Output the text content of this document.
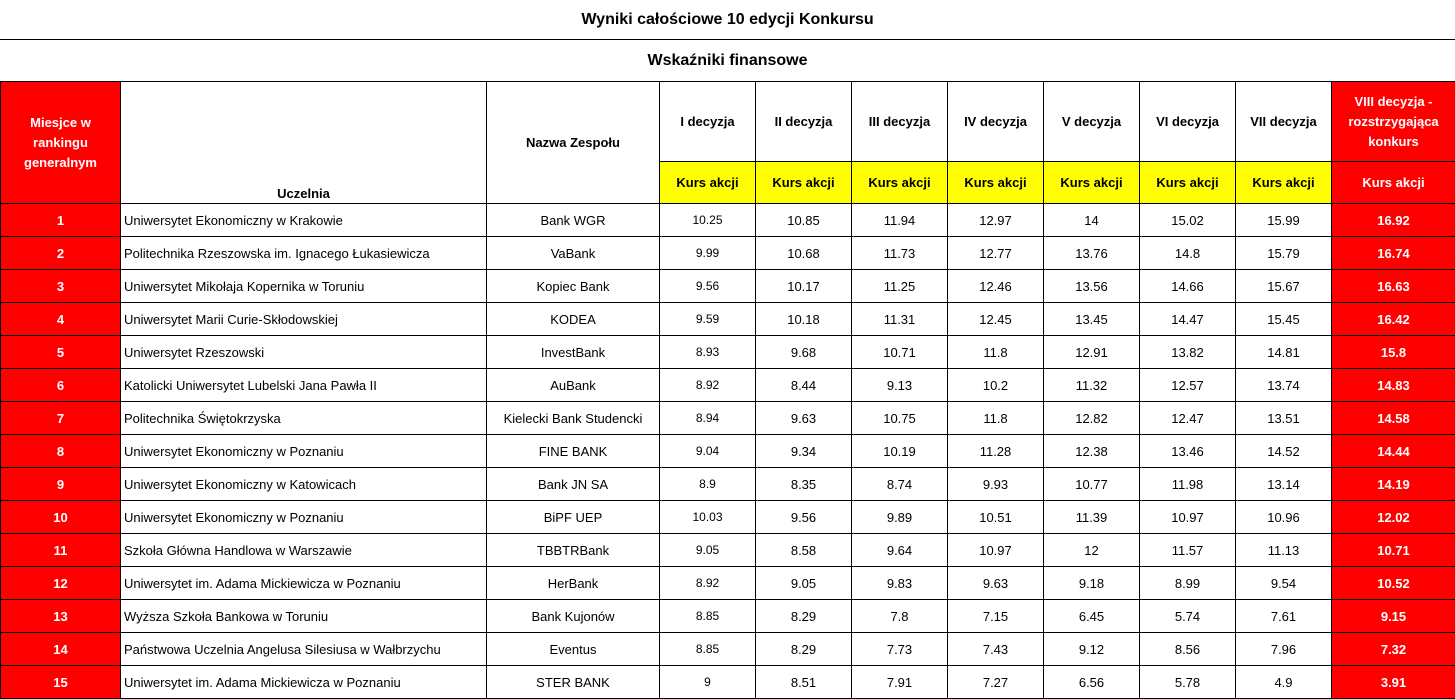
Wyniki całościowe 10 edycji Konkursu
Wskaźniki finansowe
Miesjce w rankingu generalnym	Uczelnia	Nazwa Zespołu	I decyzja	II decyzja	III decyzja	IV decyzja	V decyzja	VI decyzja	VII decyzja	VIII decyzja - rozstrzygająca konkurs
			Kurs akcji	Kurs akcji	Kurs akcji	Kurs akcji	Kurs akcji	Kurs akcji	Kurs akcji	Kurs akcji
1	Uniwersytet Ekonomiczny w Krakowie	Bank WGR	10.25	10.85	11.94	12.97	14	15.02	15.99	16.92
2	Politechnika Rzeszowska im. Ignacego Łukasiewicza	VaBank	9.99	10.68	11.73	12.77	13.76	14.8	15.79	16.74
3	Uniwersytet Mikołaja Kopernika w Toruniu	Kopiec Bank	9.56	10.17	11.25	12.46	13.56	14.66	15.67	16.63
4	Uniwersytet Marii Curie-Skłodowskiej	KODEA	9.59	10.18	11.31	12.45	13.45	14.47	15.45	16.42
5	Uniwersytet Rzeszowski	InvestBank	8.93	9.68	10.71	11.8	12.91	13.82	14.81	15.8
6	Katolicki Uniwersytet Lubelski Jana Pawła II	AuBank	8.92	8.44	9.13	10.2	11.32	12.57	13.74	14.83
7	Politechnika Świętokrzyska	Kielecki Bank Studencki	8.94	9.63	10.75	11.8	12.82	12.47	13.51	14.58
8	Uniwersytet Ekonomiczny w Poznaniu	FINE BANK	9.04	9.34	10.19	11.28	12.38	13.46	14.52	14.44
9	Uniwersytet Ekonomiczny w Katowicach	Bank JN SA	8.9	8.35	8.74	9.93	10.77	11.98	13.14	14.19
10	Uniwersytet Ekonomiczny w Poznaniu	BiPF UEP	10.03	9.56	9.89	10.51	11.39	10.97	10.96	12.02
11	Szkoła Główna Handlowa w Warszawie	TBBTRBank	9.05	8.58	9.64	10.97	12	11.57	11.13	10.71
12	Uniwersytet im. Adama Mickiewicza w Poznaniu	HerBank	8.92	9.05	9.83	9.63	9.18	8.99	9.54	10.52
13	Wyższa Szkoła Bankowa w Toruniu	Bank Kujonów	8.85	8.29	7.8	7.15	6.45	5.74	7.61	9.15
14	Państwowa Uczelnia Angelusa Silesiusa w Wałbrzychu	Eventus	8.85	8.29	7.73	7.43	9.12	8.56	7.96	7.32
15	Uniwersytet im. Adama Mickiewicza w Poznaniu	STER BANK	9	8.51	7.91	7.27	6.56	5.78	4.9	3.91
